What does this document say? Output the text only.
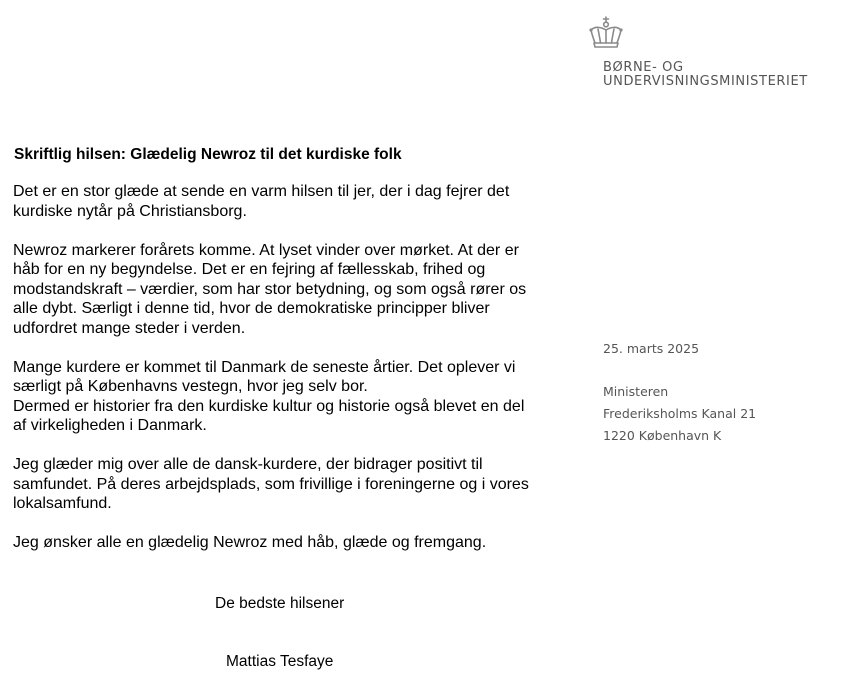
BØRNE- OG
UNDERVISNINGSMINISTERIET
Skriftlig hilsen: Glædelig Newroz til det kurdiske folk

Det er en stor glæde at sende en varm hilsen til jer, der i dag fejrer det
kurdiske nytår på Christiansborg.

Newroz markerer forårets komme. At lyset vinder over mørket. At der er
håb for en ny begyndelse. Det er en fejring af fællesskab, frihed og
modstandskraft – værdier, som har stor betydning, og som også rører os
alle dybt. Særligt i denne tid, hvor de demokratiske principper bliver
udfordret mange steder i verden.

Mange kurdere er kommet til Danmark de seneste årtier. Det oplever vi
særligt på Københavns vestegn, hvor jeg selv bor.
Dermed er historier fra den kurdiske kultur og historie også blevet en del
af virkeligheden i Danmark.

Jeg glæder mig over alle de dansk-kurdere, der bidrager positivt til
samfundet. På deres arbejdsplads, som frivillige i foreningerne og i vores
lokalsamfund.

Jeg ønsker alle en glædelig Newroz med håb, glæde og fremgang.

De bedste hilsener
Mattias Tesfaye
25. marts 2025
Ministeren
Frederiksholms Kanal 21
1220 København K
